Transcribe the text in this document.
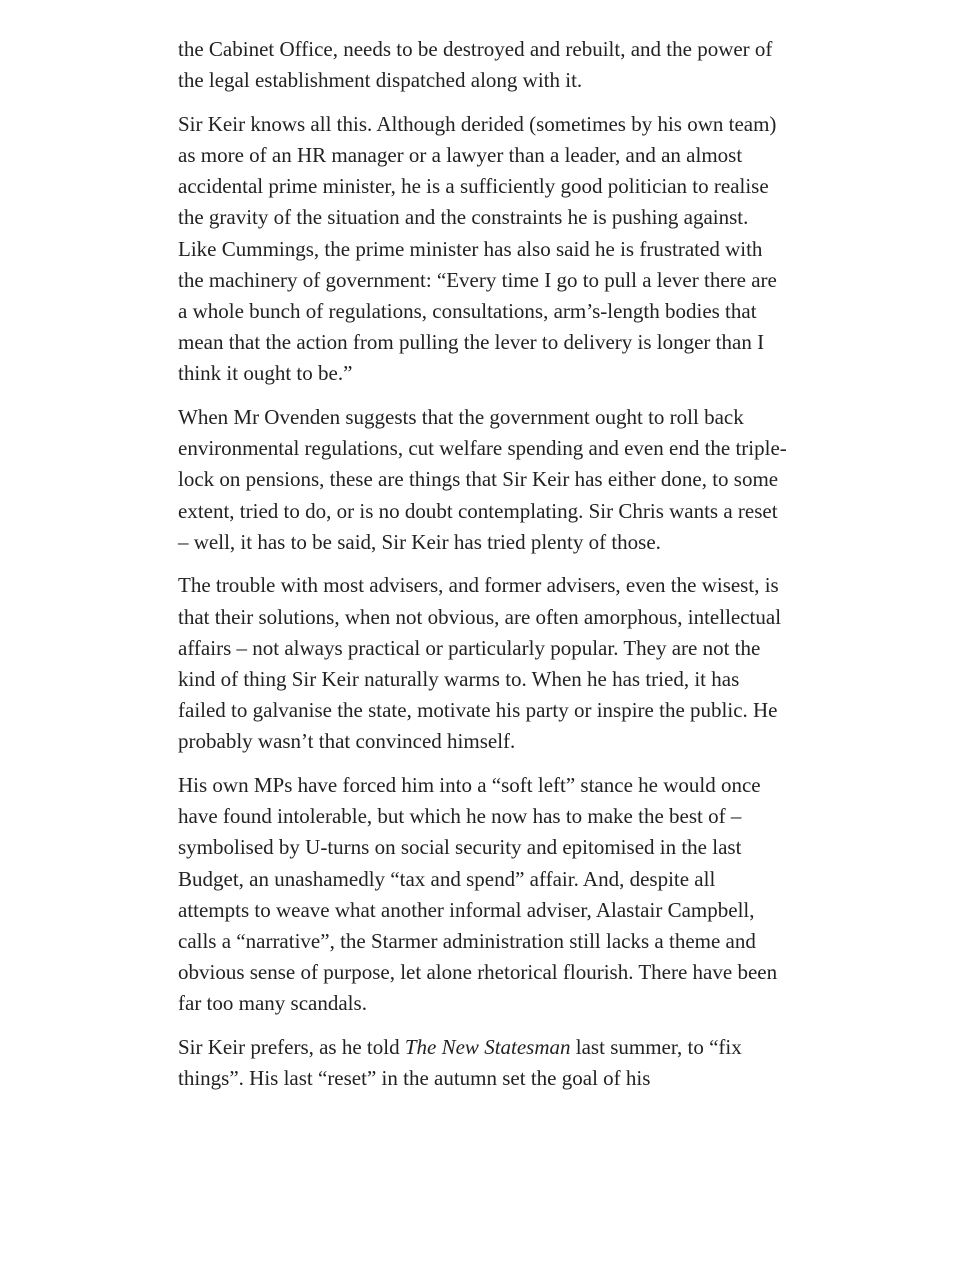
the Cabinet Office, needs to be destroyed and rebuilt, and the power of the legal establishment dispatched along with it.

Sir Keir knows all this. Although derided (sometimes by his own team) as more of an HR manager or a lawyer than a leader, and an almost accidental prime minister, he is a sufficiently good politician to realise the gravity of the situation and the constraints he is pushing against. Like Cummings, the prime minister has also said he is frustrated with the machinery of government: “Every time I go to pull a lever there are a whole bunch of regulations, consultations, arm’s-length bodies that mean that the action from pulling the lever to delivery is longer than I think it ought to be.”

When Mr Ovenden suggests that the government ought to roll back environmental regulations, cut welfare spending and even end the triple-lock on pensions, these are things that Sir Keir has either done, to some extent, tried to do, or is no doubt contemplating. Sir Chris wants a reset – well, it has to be said, Sir Keir has tried plenty of those.

The trouble with most advisers, and former advisers, even the wisest, is that their solutions, when not obvious, are often amorphous, intellectual affairs – not always practical or particularly popular. They are not the kind of thing Sir Keir naturally warms to. When he has tried, it has failed to galvanise the state, motivate his party or inspire the public. He probably wasn’t that convinced himself.

His own MPs have forced him into a “soft left” stance he would once have found intolerable, but which he now has to make the best of – symbolised by U-turns on social security and epitomised in the last Budget, an unashamedly “tax and spend” affair. And, despite all attempts to weave what another informal adviser, Alastair Campbell, calls a “narrative”, the Starmer administration still lacks a theme and obvious sense of purpose, let alone rhetorical flourish. There have been far too many scandals.

Sir Keir prefers, as he told The New Statesman last summer, to “fix things”. His last “reset” in the autumn set the goal of his
